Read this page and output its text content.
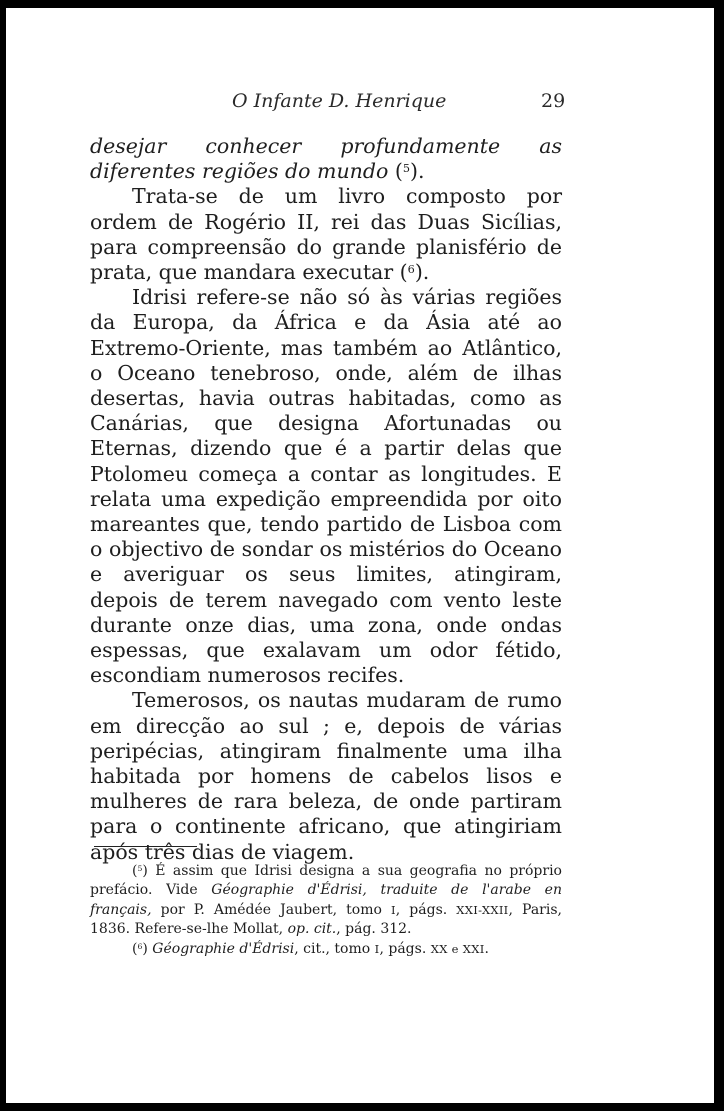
O Infante D. Henrique	29

desejar conhecer profundamente as diferentes regiões do mundo ($^5$).

Trata-se de um livro composto por ordem de Rogério II, rei das Duas Sicílias, para compreensão do grande planisfério de prata, que mandara executar ($^6$).

Idrisi refere-se não só às várias regiões da Europa, da África e da Ásia até ao Extremo-Oriente, mas também ao Atlântico, o Oceano tenebroso, onde, além de ilhas desertas, havia outras habitadas, como as Canárias, que designa Afortunadas ou Eternas, dizendo que é a partir delas que Ptolomeu começa a contar as longitudes. E relata uma expedição empreendida por oito mareantes que, tendo partido de Lisboa com o objectivo de sondar os mistérios do Oceano e averiguar os seus limites, atingiram, depois de terem navegado com vento leste durante onze dias, uma zona, onde ondas espessas, que exalavam um odor fétido, escondiam numerosos recifes.

Temerosos, os nautas mudaram de rumo em direcção ao sul ; e, depois de várias peripécias, atingiram finalmente uma ilha habitada por homens de cabelos lisos e mulheres de rara beleza, de onde partiram para o continente africano, que atingiriam após três dias de viagem.

($^5$) É assim que Idrisi designa a sua geografia no próprio prefácio. Vide Géographie d'Édrisi, traduite de l'arabe en français, por P. Amédée Jaubert, tomo I, págs. XXI-XXII, Paris, 1836. Refere-se-lhe Mollat, op. cit., pág. 312.

($^6$) Géographie d'Édrisi, cit., tomo I, págs. XX e XXI.
